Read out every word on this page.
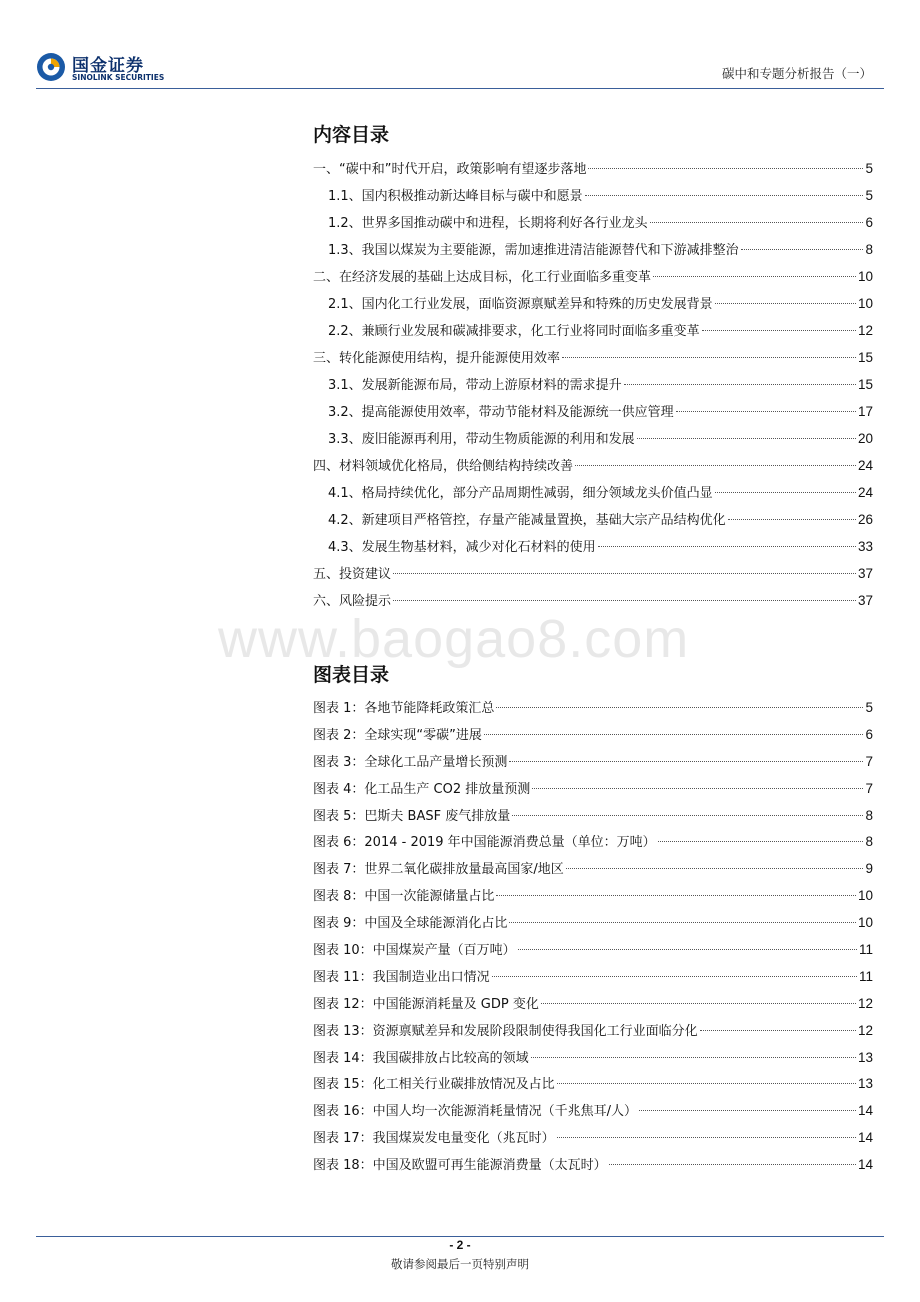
国金证券
SINOLINK SECURITIES	碳中和专题分析报告（一）
内容目录
一、“碳中和”时代开启，政策影响有望逐步落地	5
1.1、国内积极推动新达峰目标与碳中和愿景	5
1.2、世界多国推动碳中和进程，长期将利好各行业龙头	6
1.3、我国以煤炭为主要能源，需加速推进清洁能源替代和下游减排整治	8
二、在经济发展的基础上达成目标，化工行业面临多重变革	10
2.1、国内化工行业发展，面临资源禀赋差异和特殊的历史发展背景	10
2.2、兼顾行业发展和碳减排要求，化工行业将同时面临多重变革	12
三、转化能源使用结构，提升能源使用效率	15
3.1、发展新能源布局，带动上游原材料的需求提升	15
3.2、提高能源使用效率，带动节能材料及能源统一供应管理	17
3.3、废旧能源再利用，带动生物质能源的利用和发展	20
四、材料领域优化格局，供给侧结构持续改善	24
4.1、格局持续优化，部分产品周期性减弱，细分领域龙头价值凸显	24
4.2、新建项目严格管控，存量产能减量置换，基础大宗产品结构优化	26
4.3、发展生物基材料，减少对化石材料的使用	33
五、投资建议	37
六、风险提示	37
www.baogao8.com
图表目录
图表 1：各地节能降耗政策汇总	5
图表 2：全球实现“零碳”进展	6
图表 3：全球化工品产量增长预测	7
图表 4：化工品生产 CO2 排放量预测	7
图表 5：巴斯夫 BASF 废气排放量	8
图表 6：2014 - 2019 年中国能源消费总量（单位：万吨）	8
图表 7：世界二氧化碳排放量最高国家/地区	9
图表 8：中国一次能源储量占比	10
图表 9：中国及全球能源消化占比	10
图表 10：中国煤炭产量（百万吨）	11
图表 11：我国制造业出口情况	11
图表 12：中国能源消耗量及 GDP 变化	12
图表 13：资源禀赋差异和发展阶段限制使得我国化工行业面临分化	12
图表 14：我国碳排放占比较高的领域	13
图表 15：化工相关行业碳排放情况及占比	13
图表 16：中国人均一次能源消耗量情况（千兆焦耳/人）	14
图表 17：我国煤炭发电量变化（兆瓦时）	14
图表 18：中国及欧盟可再生能源消费量（太瓦时）	14
- 2 -
敬请参阅最后一页特别声明
